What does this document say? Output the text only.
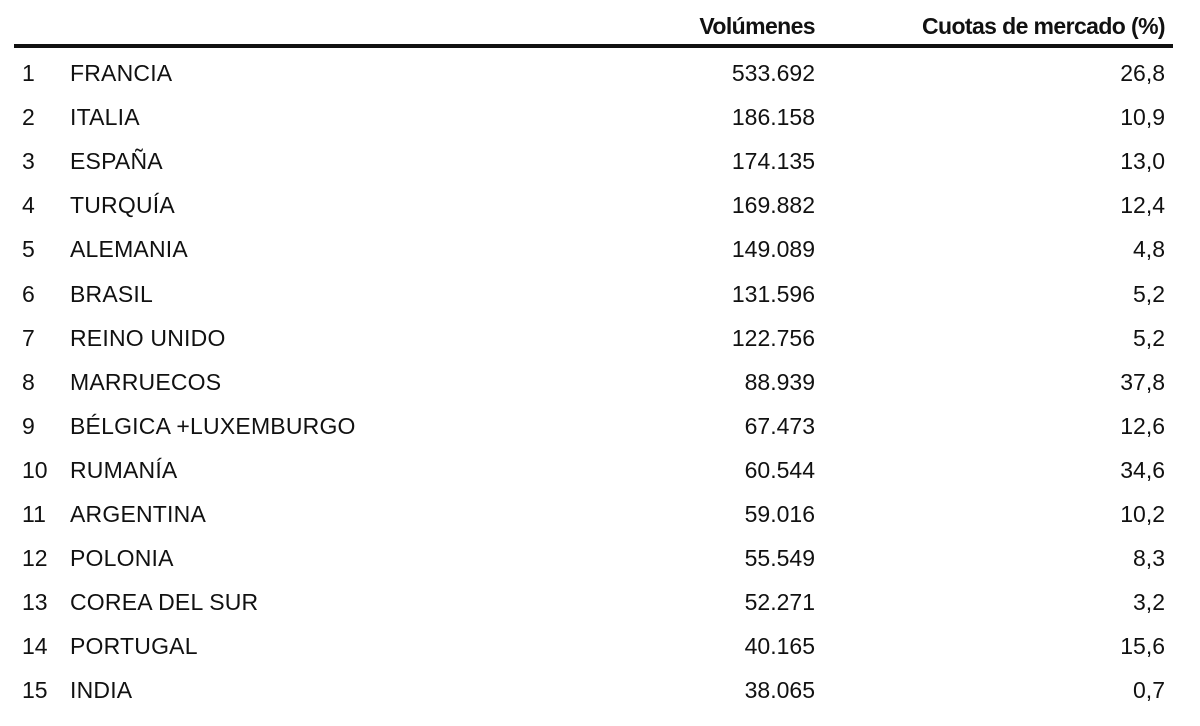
Volúmenes	Cuotas de mercado (%)
1 FRANCIA	533.692	26,8
2 ITALIA	186.158	10,9
3 ESPAÑA	174.135	13,0
4 TURQUÍA	169.882	12,4
5 ALEMANIA	149.089	4,8
6 BRASIL	131.596	5,2
7 REINO UNIDO	122.756	5,2
8 MARRUECOS	88.939	37,8
9 BÉLGICA +LUXEMBURGO	67.473	12,6
10 RUMANÍA	60.544	34,6
11 ARGENTINA	59.016	10,2
12 POLONIA	55.549	8,3
13 COREA DEL SUR	52.271	3,2
14 PORTUGAL	40.165	15,6
15 INDIA	38.065	0,7
